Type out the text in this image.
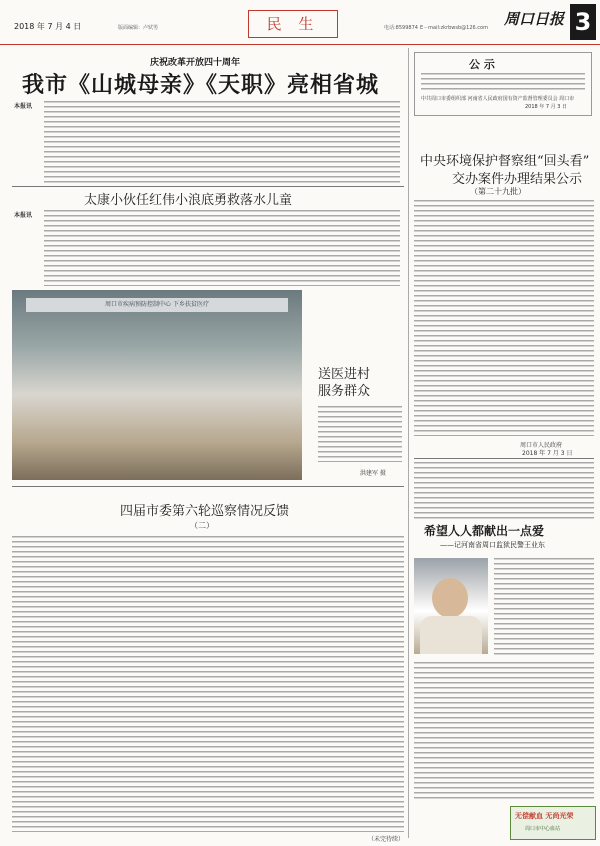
2018 年 7 月 4 日	版面编辑：卢轼男	民 生	电话:8599874 E－mail:zkrbwsb@126.com 周口日报 3
庆祝改革开放四十周年
我市《山城母亲》《天职》亮相省城
本报讯
太康小伙任红伟小浪底勇救落水儿童
本报讯
周口市疾病预防控制中心 下乡扶贫医疗
送医进村
服务群众
洪建军 摄
四届市委第六轮巡察情况反馈
（二）
（未完待续）
公 示
中共周口市委组织部 河南省人民政府国有资产监督管理委员会 周口市
2018 年 7 月 3 日
中央环境保护督察组“回头看”
交办案件办理结果公示
（第二十九批）
周口市人民政府
2018 年 7 月 3 日
希望人人都献出一点爱
——记河南省周口监狱民警王业东
无偿献血 无尚光荣
周口市中心血站
